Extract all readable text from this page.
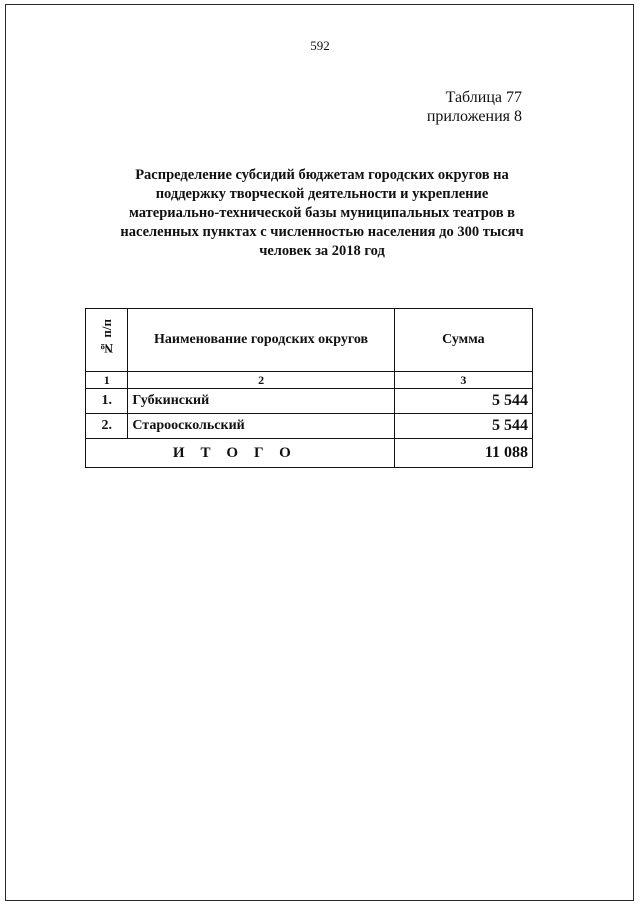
592
Таблица 77
приложения 8
Распределение субсидий бюджетам городских округов на
поддержку творческой деятельности и укрепление
материально-технической базы муниципальных театров в
населенных пунктах с численностью населения до 300 тысяч
человек за 2018 год
№ п/п	Наименование городских округов	Сумма
1	2	3
1.	Губкинский	5 544
2.	Старооскольский	5 544
ИТОГО		11 088
